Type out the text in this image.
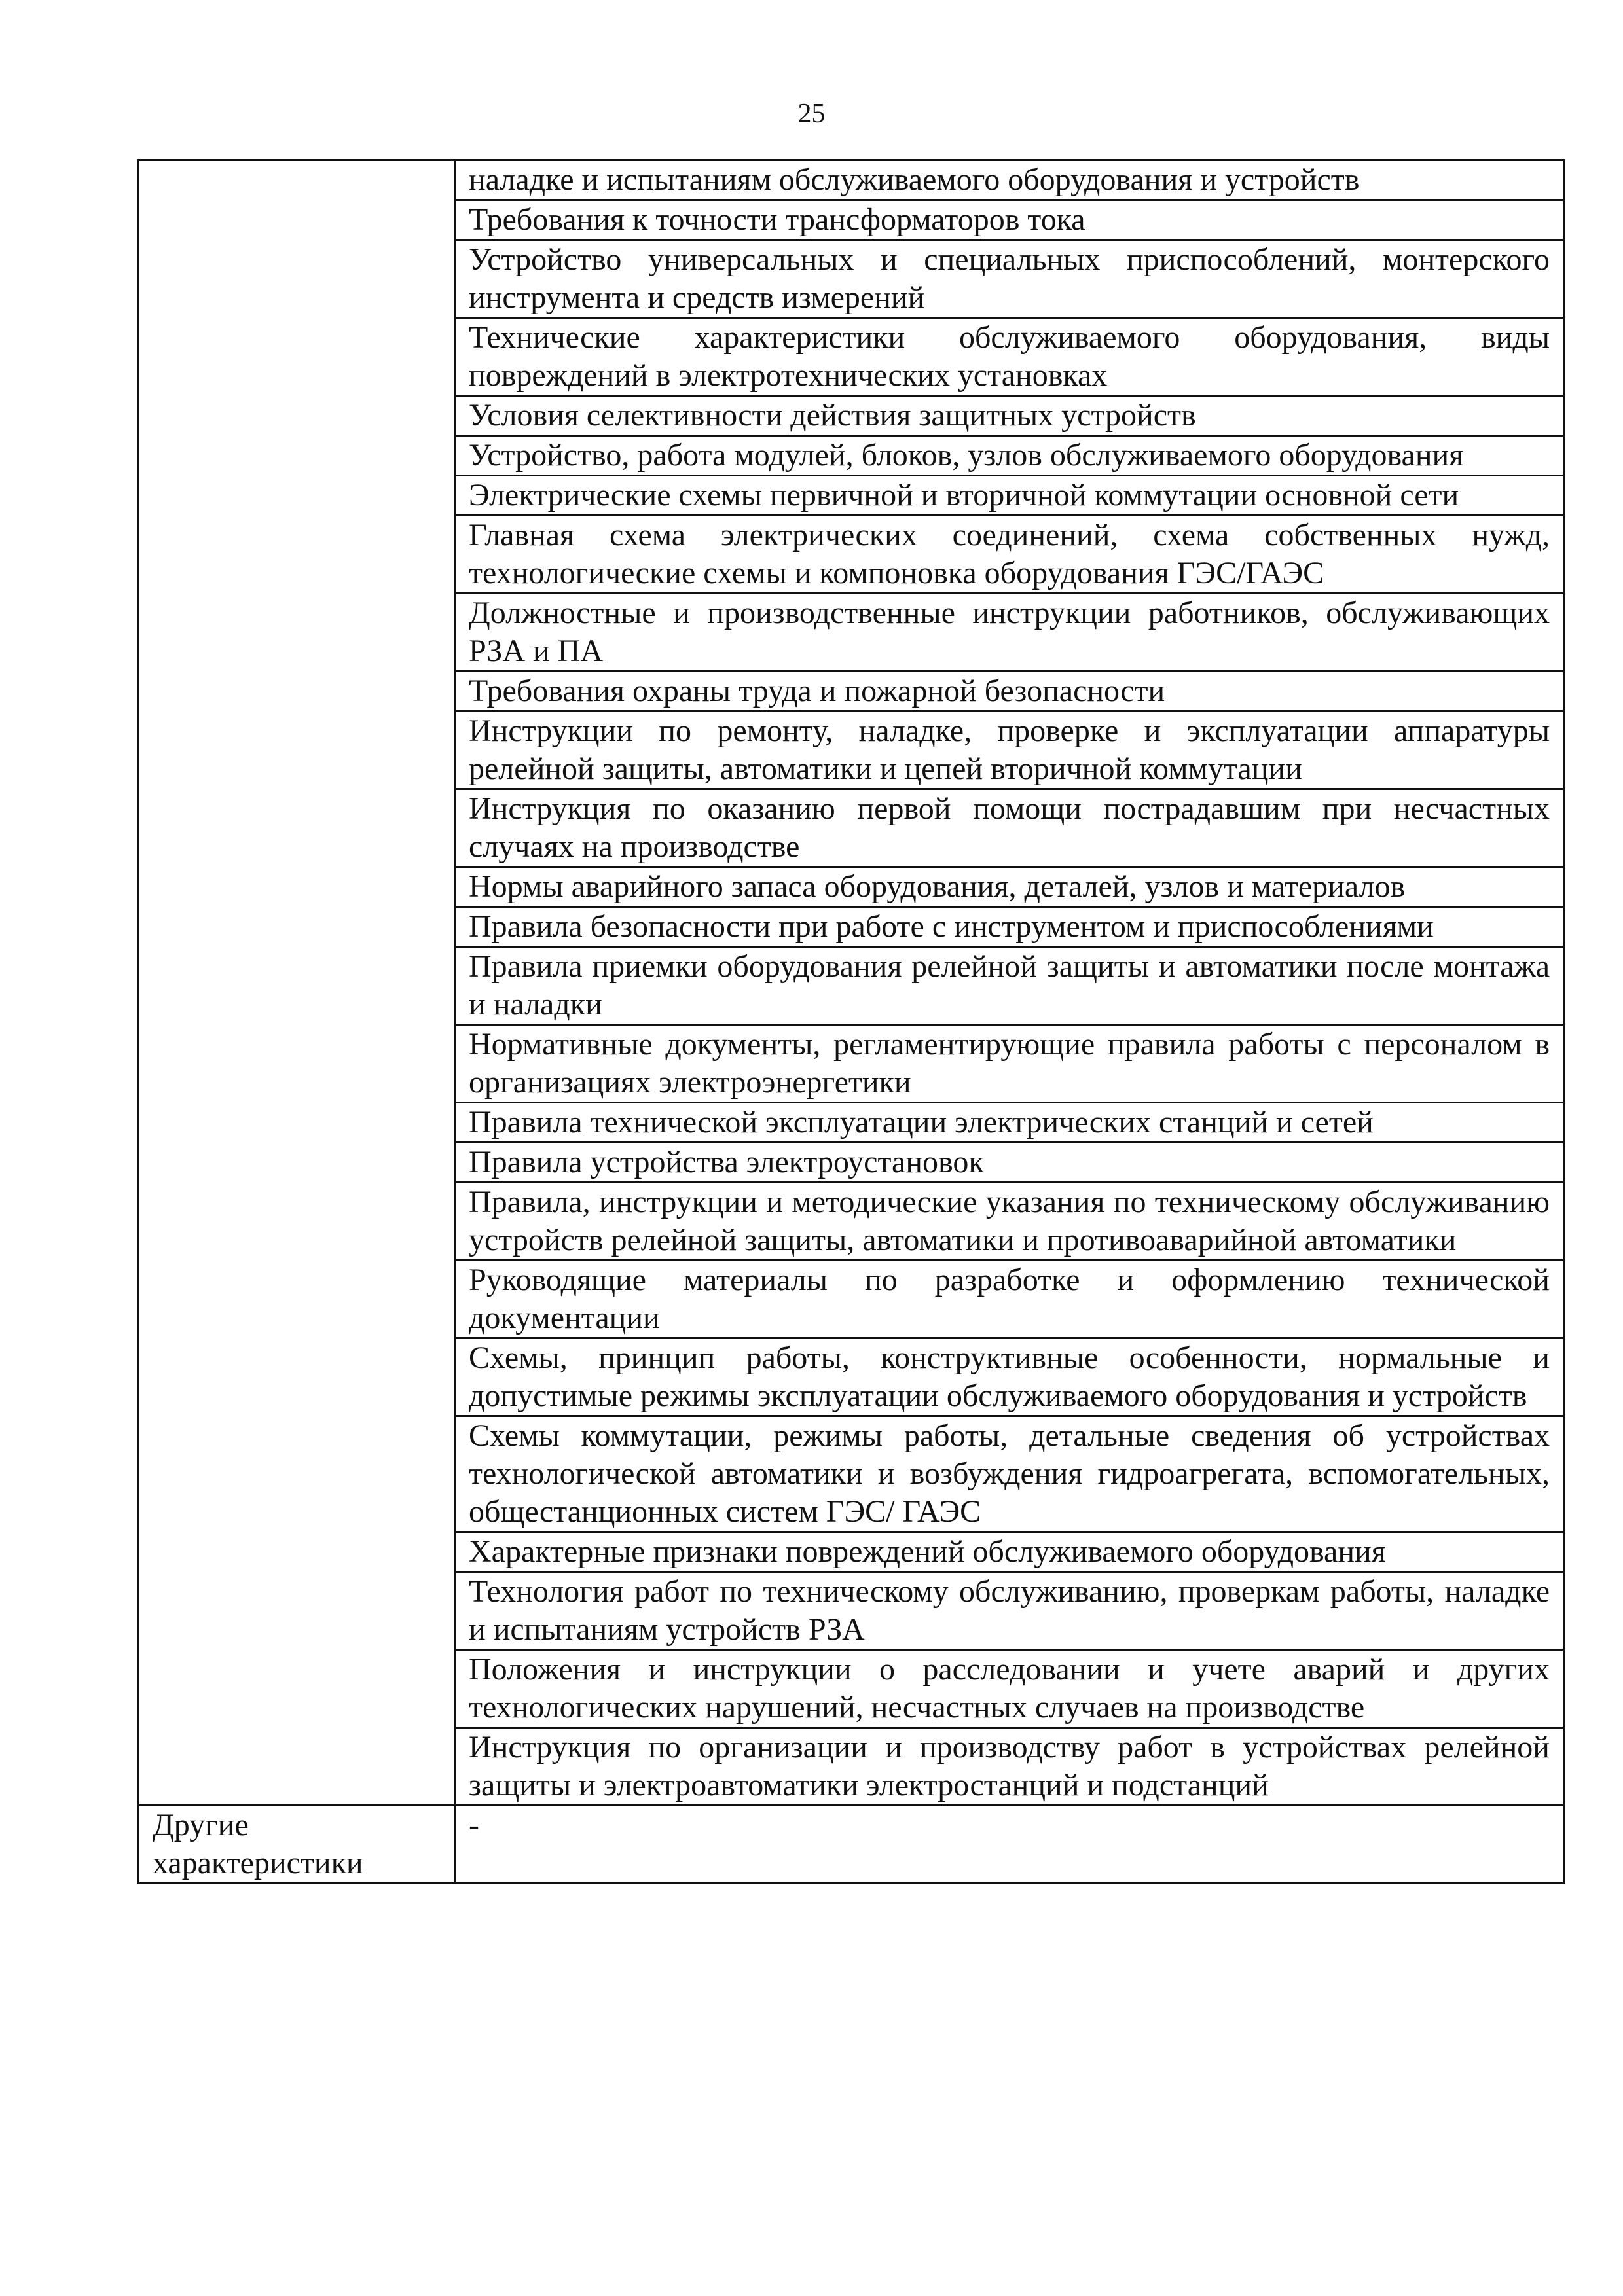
25

	наладке и испытаниям обслуживаемого оборудования и устройств

	Требования к точности трансформаторов тока

	Устройство универсальных и специальных приспособлений, монтерского инструмента и средств измерений

	Технические характеристики обслуживаемого оборудования, виды повреждений в электротехнических установках

	Условия селективности действия защитных устройств

	Устройство, работа модулей, блоков, узлов обслуживаемого оборудования

	Электрические схемы первичной и вторичной коммутации основной сети

	Главная схема электрических соединений, схема собственных нужд, технологические схемы и компоновка оборудования ГЭС/ГАЭС

	Должностные и производственные инструкции работников, обслуживающих РЗА и ПА

	Требования охраны труда и пожарной безопасности

	Инструкции по ремонту, наладке, проверке и эксплуатации аппаратуры релейной защиты, автоматики и цепей вторичной коммутации

	Инструкция по оказанию первой помощи пострадавшим при несчастных случаях на производстве

	Нормы аварийного запаса оборудования, деталей, узлов и материалов

	Правила безопасности при работе с инструментом и приспособлениями

	Правила приемки оборудования релейной защиты и автоматики после монтажа и наладки

	Нормативные документы, регламентирующие правила работы с персоналом в организациях электроэнергетики

	Правила технической эксплуатации электрических станций и сетей

	Правила устройства электроустановок

	Правила, инструкции и методические указания по техническому обслуживанию устройств релейной защиты, автоматики и противоаварийной автоматики

	Руководящие материалы по разработке и оформлению технической документации

	Схемы, принцип работы, конструктивные особенности, нормальные и допустимые режимы эксплуатации обслуживаемого оборудования и устройств

	Схемы коммутации, режимы работы, детальные сведения об устройствах технологической автоматики и возбуждения гидроагрегата, вспомогательных, общестанционных систем ГЭС/ ГАЭС

	Характерные признаки повреждений обслуживаемого оборудования

	Технология работ по техническому обслуживанию, проверкам работы, наладке и испытаниям устройств РЗА

	Положения и инструкции о расследовании и учете аварий и других технологических нарушений, несчастных случаев на производстве

	Инструкция по организации и производству работ в устройствах релейной защиты и электроавтоматики электростанций и подстанций

Другие характеристики	-
